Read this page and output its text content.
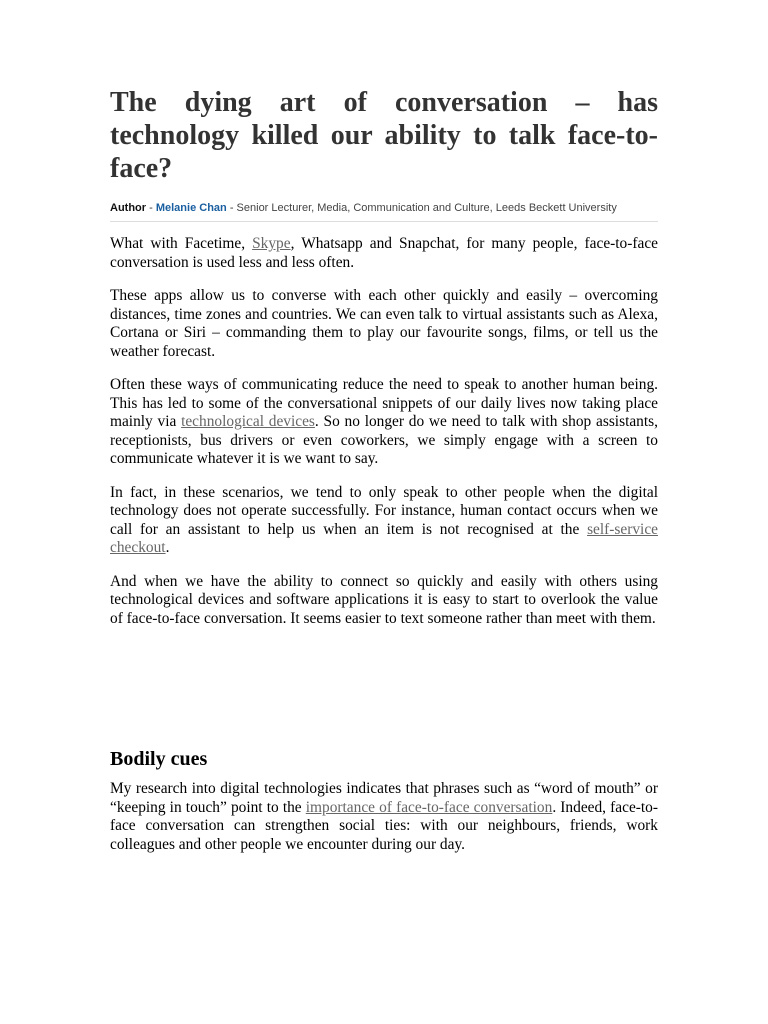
The dying art of conversation – has technology killed our ability to talk face-to-face?
Author - Melanie Chan - Senior Lecturer, Media, Communication and Culture, Leeds Beckett University

What with Facetime, Skype, Whatsapp and Snapchat, for many people, face-to-face conversation is used less and less often.

These apps allow us to converse with each other quickly and easily – overcoming distances, time zones and countries. We can even talk to virtual assistants such as Alexa, Cortana or Siri – commanding them to play our favourite songs, films, or tell us the weather forecast.

Often these ways of communicating reduce the need to speak to another human being. This has led to some of the conversational snippets of our daily lives now taking place mainly via technological devices. So no longer do we need to talk with shop assistants, receptionists, bus drivers or even coworkers, we simply engage with a screen to communicate whatever it is we want to say.

In fact, in these scenarios, we tend to only speak to other people when the digital technology does not operate successfully. For instance, human contact occurs when we call for an assistant to help us when an item is not recognised at the self-service checkout.

And when we have the ability to connect so quickly and easily with others using technological devices and software applications it is easy to start to overlook the value of face-to-face conversation. It seems easier to text someone rather than meet with them.

Bodily cues

My research into digital technologies indicates that phrases such as “word of mouth” or “keeping in touch” point to the importance of face-to-face conversation. Indeed, face-to-face conversation can strengthen social ties: with our neighbours, friends, work colleagues and other people we encounter during our day.
